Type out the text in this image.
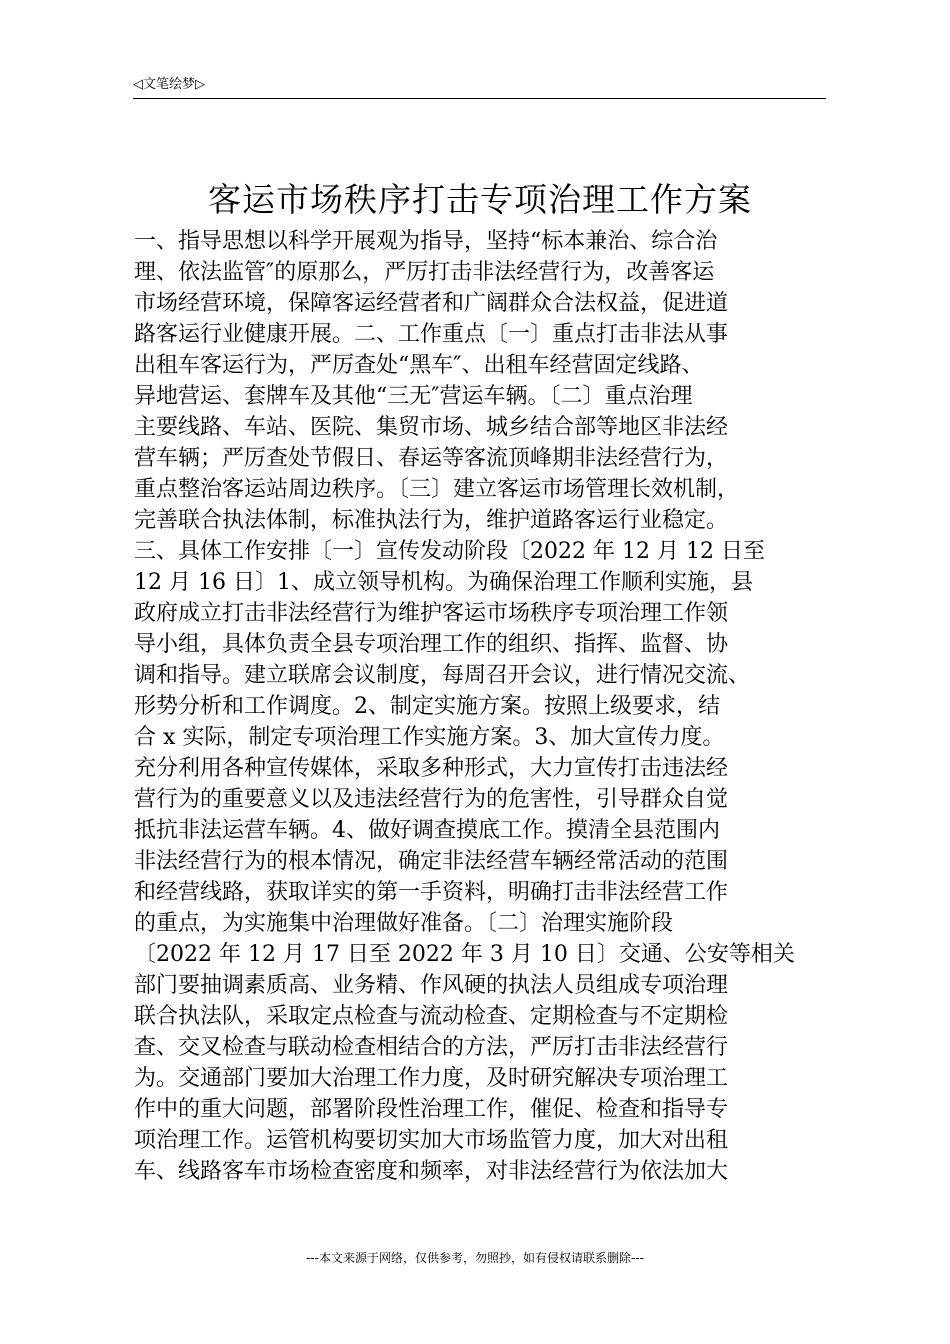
◁文笔绘梦▷
客运市场秩序打击专项治理工作方案
一、指导思想以科学开展观为指导，坚持“标本兼治、综合治
理、依法监管″的原那么，严厉打击非法经营行为，改善客运
市场经营环境，保障客运经营者和广阔群众合法权益，促进道
路客运行业健康开展。二、工作重点〔一〕重点打击非法从事
出租车客运行为，严厉查处“黑车″、出租车经营固定线路、
异地营运、套牌车及其他“三无″营运车辆。〔二〕重点治理
主要线路、车站、医院、集贸市场、城乡结合部等地区非法经
营车辆；严厉查处节假日、春运等客流顶峰期非法经营行为，
重点整治客运站周边秩序。〔三〕建立客运市场管理长效机制，
完善联合执法体制，标准执法行为，维护道路客运行业稳定。
三、具体工作安排〔一〕宣传发动阶段〔2022 年 12 月 12 日至
12 月 16 日〕1、成立领导机构。为确保治理工作顺利实施，县
政府成立打击非法经营行为维护客运市场秩序专项治理工作领
导小组，具体负责全县专项治理工作的组织、指挥、监督、协
调和指导。建立联席会议制度，每周召开会议，进行情况交流、
形势分析和工作调度。2、制定实施方案。按照上级要求，结
合 x 实际，制定专项治理工作实施方案。3、加大宣传力度。
充分利用各种宣传媒体，采取多种形式，大力宣传打击违法经
营行为的重要意义以及违法经营行为的危害性，引导群众自觉
抵抗非法运营车辆。4、做好调查摸底工作。摸清全县范围内
非法经营行为的根本情况，确定非法经营车辆经常活动的范围
和经营线路，获取详实的第一手资料，明确打击非法经营工作
的重点，为实施集中治理做好准备。〔二〕治理实施阶段
〔2022 年 12 月 17 日至 2022 年 3 月 10 日〕交通、公安等相关
部门要抽调素质高、业务精、作风硬的执法人员组成专项治理
联合执法队，采取定点检查与流动检查、定期检查与不定期检
查、交叉检查与联动检查相结合的方法，严厉打击非法经营行
为。交通部门要加大治理工作力度，及时研究解决专项治理工
作中的重大问题，部署阶段性治理工作，催促、检查和指导专
项治理工作。运管机构要切实加大市场监管力度，加大对出租
车、线路客车市场检查密度和频率，对非法经营行为依法加大
---本文来源于网络，仅供参考，勿照抄，如有侵权请联系删除---
